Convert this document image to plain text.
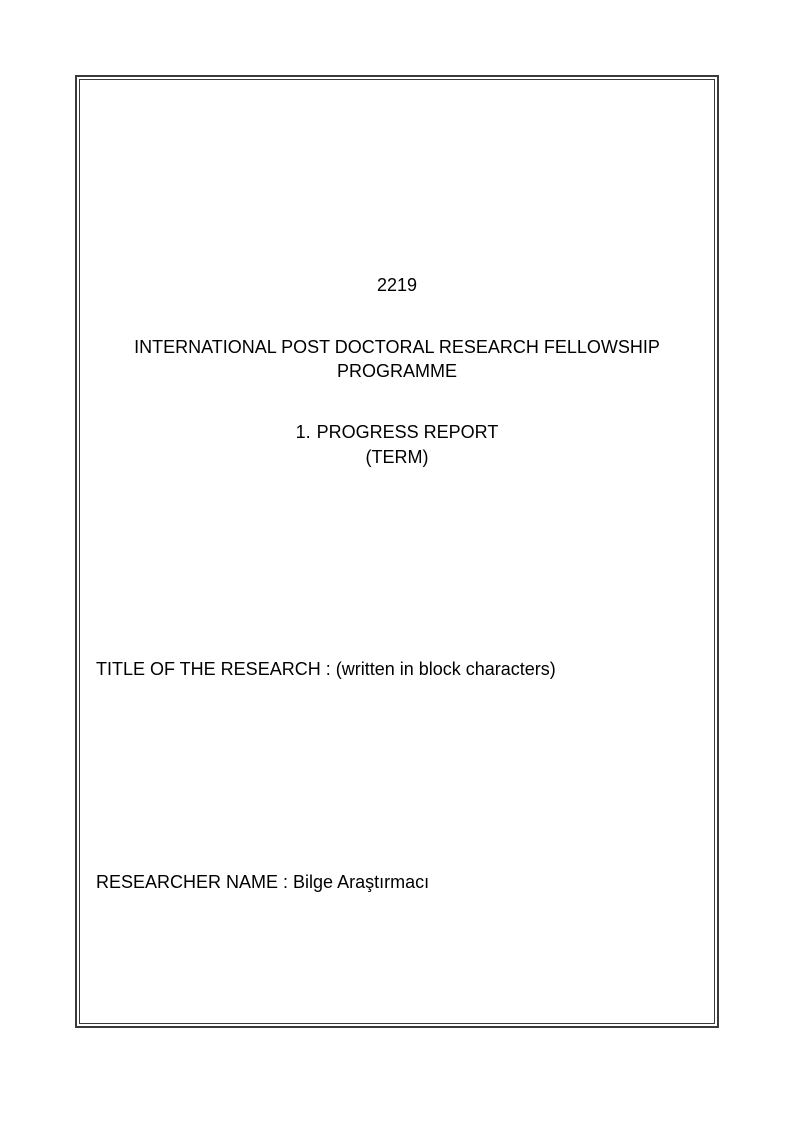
2219
INTERNATIONAL POST DOCTORAL RESEARCH FELLOWSHIP
PROGRAMME
1. PROGRESS REPORT
(TERM)
TITLE OF THE RESEARCH : (written in block characters)
RESEARCHER NAME : Bilge Araştırmacı
